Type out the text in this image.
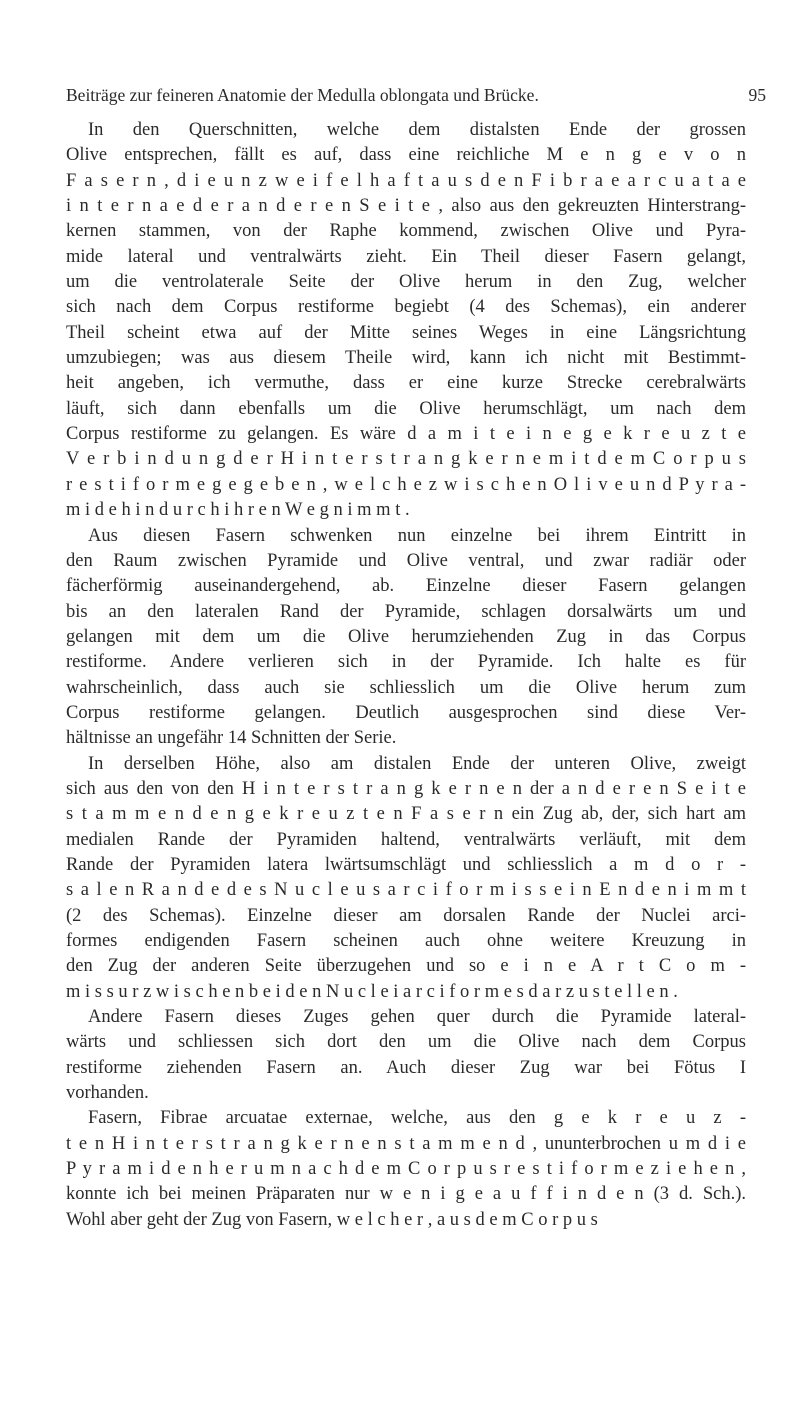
Beiträge zur feineren Anatomie der Medulla oblongata und Brücke.	95
In den Querschnitten, welche dem distalsten Ende der grossen
Olive entsprechen, fällt es auf, dass eine reichliche M e n g e v o n
F a s e r n , d i e u n z w e i f e l h a f t a u s d e n F i b r a e a r c u a t a e
i n t e r n a e d e r a n d e r e n S e i t e , also aus den gekreuzten Hinterstrang-
kernen stammen, von der Raphe kommend, zwischen Olive und Pyra-
mide lateral und ventralwärts zieht. Ein Theil dieser Fasern gelangt,
um die ventrolaterale Seite der Olive herum in den Zug, welcher
sich nach dem Corpus restiforme begiebt (4 des Schemas), ein anderer
Theil scheint etwa auf der Mitte seines Weges in eine Längsrichtung
umzubiegen; was aus diesem Theile wird, kann ich nicht mit Bestimmt-
heit angeben, ich vermuthe, dass er eine kurze Strecke cerebralwärts
läuft, sich dann ebenfalls um die Olive herumschlägt, um nach dem
Corpus restiforme zu gelangen. Es wäre d a m i t e i n e g e k r e u z t e
V e r b i n d u n g d e r H i n t e r s t r a n g k e r n e m i t d e m C o r p u s
r e s t i f o r m e g e g e b e n , w e l c h e z w i s c h e n O l i v e u n d P y r a -
m i d e h i n d u r c h i h r e n W e g n i m m t .
Aus diesen Fasern schwenken nun einzelne bei ihrem Eintritt in
den Raum zwischen Pyramide und Olive ventral, und zwar radiär oder
fächerförmig auseinandergehend, ab. Einzelne dieser Fasern gelangen
bis an den lateralen Rand der Pyramide, schlagen dorsalwärts um und
gelangen mit dem um die Olive herumziehenden Zug in das Corpus
restiforme. Andere verlieren sich in der Pyramide. Ich halte es für
wahrscheinlich, dass auch sie schliesslich um die Olive herum zum
Corpus restiforme gelangen. Deutlich ausgesprochen sind diese Ver-
hältnisse an ungefähr 14 Schnitten der Serie.
In derselben Höhe, also am distalen Ende der unteren Olive, zweigt
sich aus den von den H i n t e r s t r a n g k e r n e n der a n d e r e n S e i t e
s t a m m e n d e n g e k r e u z t e n F a s e r n ein Zug ab, der, sich hart am
medialen Rande der Pyramiden haltend, ventralwärts verläuft, mit dem
Rande der Pyramiden latera lwärtsumschlägt und schliesslich a m d o r -
s a l e n R a n d e d e s N u c l e u s a r c i f o r m i s s e i n E n d e n i m m t
(2 des Schemas). Einzelne dieser am dorsalen Rande der Nuclei arci-
formes endigenden Fasern scheinen auch ohne weitere Kreuzung in
den Zug der anderen Seite überzugehen und so e i n e A r t C o m -
m i s s u r z w i s c h e n b e i d e n N u c l e i a r c i f o r m e s d a r z u s t e l l e n .
Andere Fasern dieses Zuges gehen quer durch die Pyramide lateral-
wärts und schliessen sich dort den um die Olive nach dem Corpus
restiforme ziehenden Fasern an. Auch dieser Zug war bei Fötus I
vorhanden.
Fasern, Fibrae arcuatae externae, welche, aus den g e k r e u z -
t e n H i n t e r s t r a n g k e r n e n s t a m m e n d , ununterbrochen u m d i e
P y r a m i d e n h e r u m n a c h d e m C o r p u s r e s t i f o r m e z i e h e n ,
konnte ich bei meinen Präparaten nur w e n i g e a u f f i n d e n (3 d. Sch.).
Wohl aber geht der Zug von Fasern, w e l c h e r , a u s d e m C o r p u s
